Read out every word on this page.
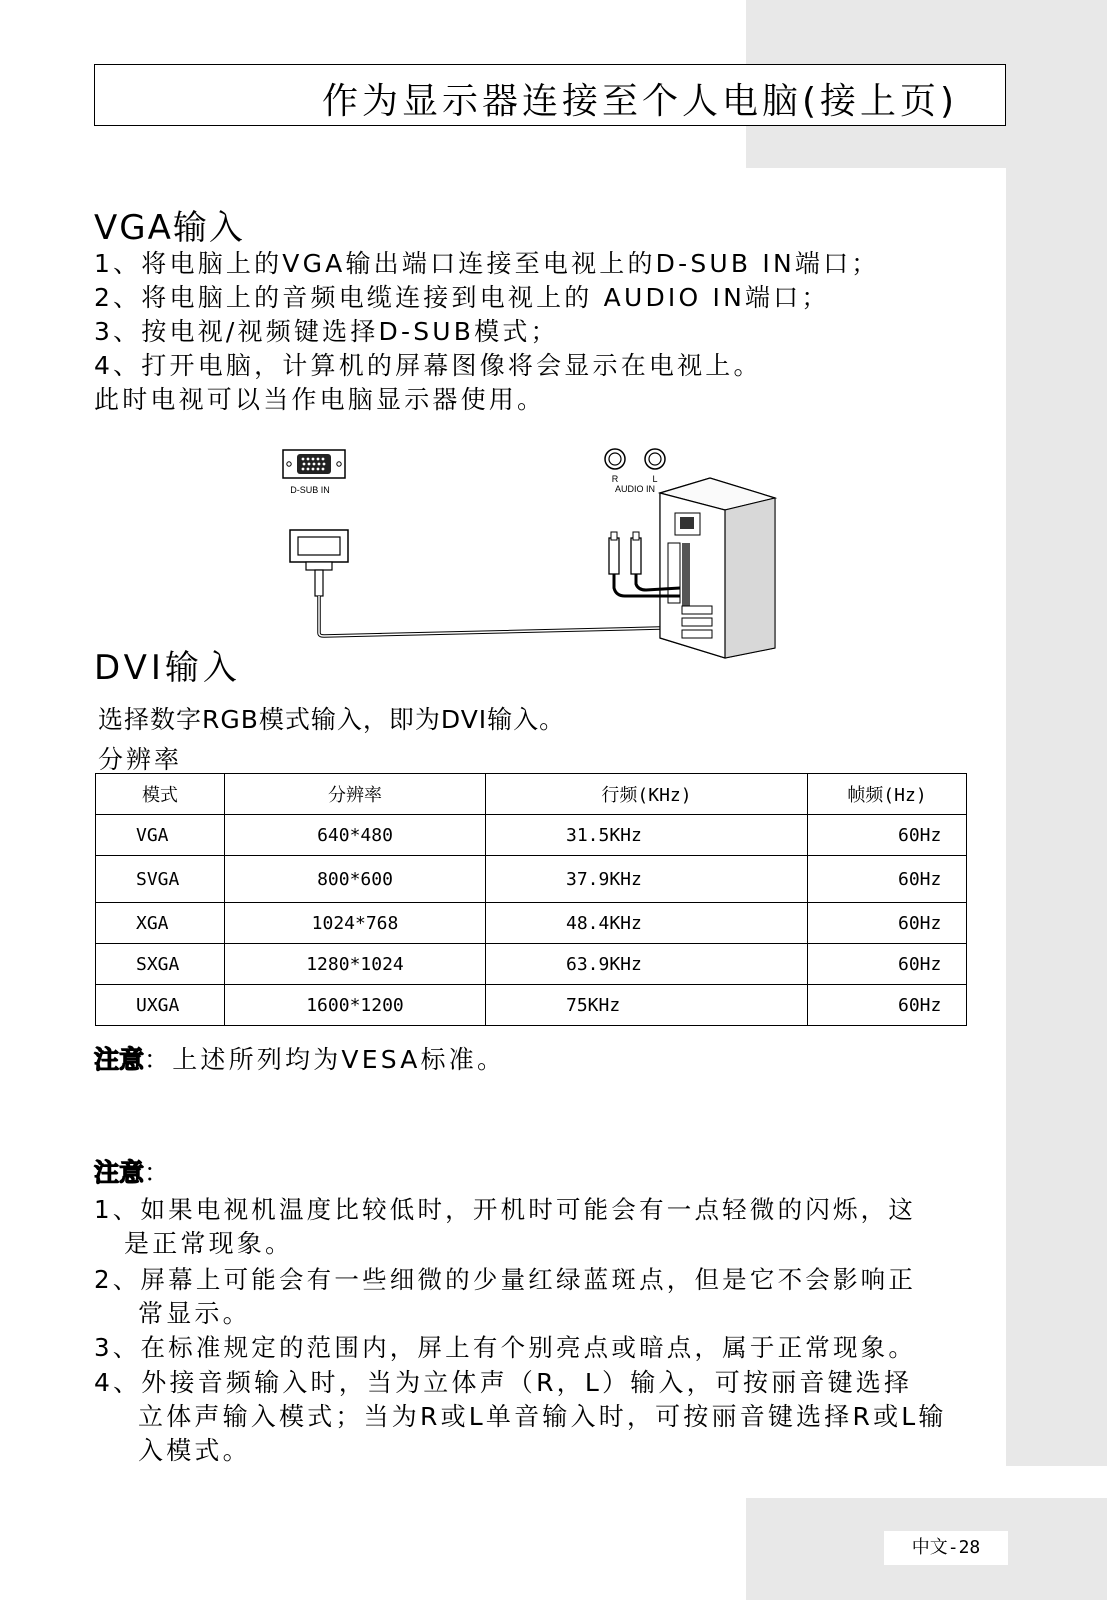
作为显示器连接至个人电脑(接上页)
VGA输入
1、将电脑上的VGA输出端口连接至电视上的D-SUB IN端口；
2、将电脑上的音频电缆连接到电视上的 AUDIO IN端口；
3、按电视/视频键选择D-SUB模式；
4、打开电脑，计算机的屏幕图像将会显示在电视上。
此时电视可以当作电脑显示器使用。
D-SUB IN
R	L
AUDIO IN
DVI输入
选择数字RGB模式输入，即为DVI输入。
分辨率
模式	分辨率	行频(KHz)	帧频(Hz)
VGA	640*480	31.5KHz	60Hz
SVGA	800*600	37.9KHz	60Hz
XGA	1024*768	48.4KHz	60Hz
SXGA	1280*1024	63.9KHz	60Hz
UXGA	1600*1200	75KHz	60Hz
注意：上述所列均为VESA标准。
注意：
1、如果电视机温度比较低时，开机时可能会有一点轻微的闪烁，这
是正常现象。
2、屏幕上可能会有一些细微的少量红绿蓝斑点，但是它不会影响正
常显示。
3、在标准规定的范围内，屏上有个别亮点或暗点，属于正常现象。
4、外接音频输入时，当为立体声（R，L）输入，可按丽音键选择
立体声输入模式；当为R或L单音输入时，可按丽音键选择R或L输
入模式。
中文-28
